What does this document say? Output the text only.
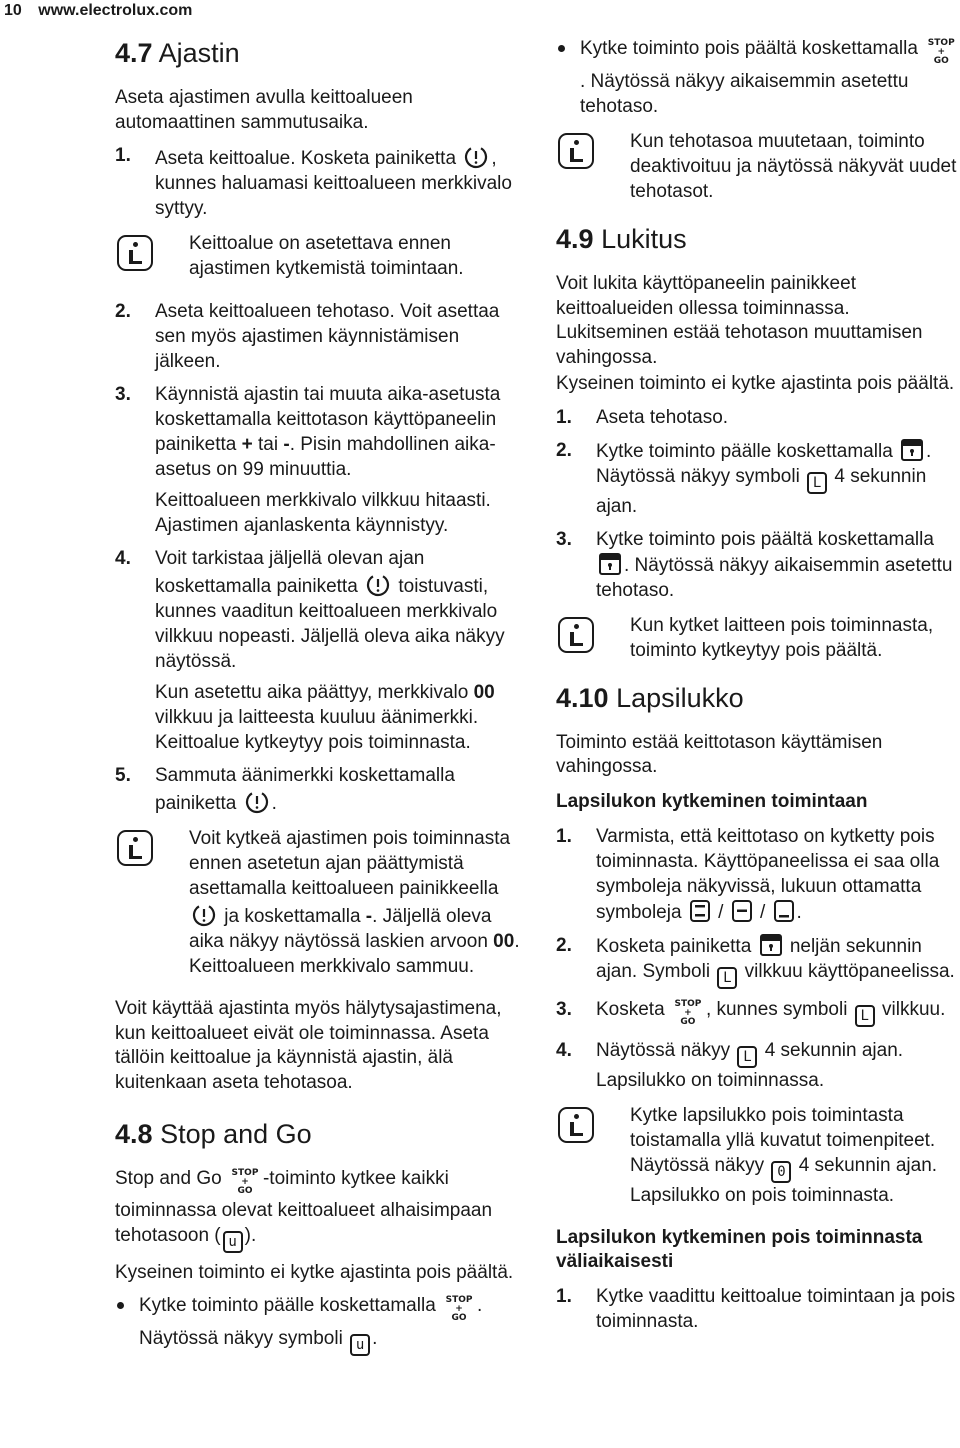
10 www.electrolux.com
4.7 Ajastin

Aseta ajastimen avulla keittoalueen automaattinen sammutusaika.

1. Aseta keittoalue. Kosketa painiketta , kunnes haluamasi keittoalueen merkkivalo syttyy.
Keittoalue on asetettava ennen ajastimen kytkemistä toimintaan.
2. Aseta keittoalueen tehotaso. Voit asettaa sen myös ajastimen käynnistämisen jälkeen.
3. Käynnistä ajastin tai muuta aika-asetusta koskettamalla keittotason käyttöpaneelin painiketta + tai -. Pisin mahdollinen aika-asetus on 99 minuuttia.
Keittoalueen merkkivalo vilkkuu hitaasti. Ajastimen ajanlaskenta käynnistyy.
4. Voit tarkistaa jäljellä olevan ajan koskettamalla painiketta toistuvasti, kunnes vaaditun keittoalueen merkkivalo vilkkuu nopeasti. Jäljellä oleva aika näkyy näytössä.
Kun asetettu aika päättyy, merkkivalo 00 vilkkuu ja laitteesta kuuluu äänimerkki. Keittoalue kytkeytyy pois toiminnasta.
5. Sammuta äänimerkki koskettamalla painiketta .
Voit kytkeä ajastimen pois toiminnasta ennen asetetun ajan päättymistä asettamalla keittoalueen painikkeella  ja koskettamalla -. Jäljellä oleva aika näkyy näytössä laskien arvoon 00. Keittoalueen merkkivalo sammuu.

Voit käyttää ajastinta myös hälytysajastimena, kun keittoalueet eivät ole toiminnassa. Aseta tällöin keittoalue ja käynnistä ajastin, älä kuitenkaan aseta tehotasoa.

4.8 Stop and Go

Stop and Go STOP
+
GO
-toiminto kytkee kaikki toiminnassa olevat keittoalueet alhaisimpaan tehotasoon ( u ).

Kyseinen toiminto ei kytke ajastinta pois päältä.

Kytke toiminto päälle koskettamalla STOP
+
GO
. Näytössä näkyy symboli u .
Kytke toiminto pois päältä koskettamalla STOP
+
GO
. Näytössä näkyy aikaisemmin asetettu tehotaso.
Kun tehotasoa muutetaan, toiminto deaktivoituu ja näytössä näkyvät uudet tehotasot.
4.9 Lukitus

Voit lukita käyttöpaneelin painikkeet keittoalueiden ollessa toiminnassa. Lukitseminen estää tehotason muuttamisen vahingossa.

Kyseinen toiminto ei kytke ajastinta pois päältä.

1. Aseta tehotaso.
2. Kytke toiminto päälle koskettamalla . Näytössä näkyy symboli L 4 sekunnin ajan.
3. Kytke toiminto pois päältä koskettamalla . Näytössä näkyy aikaisemmin asetettu tehotaso.
Kun kytket laitteen pois toiminnasta, toiminto kytkeytyy pois päältä.
4.10 Lapsilukko

Toiminto estää keittotason käyttämisen vahingossa.

Lapsilukon kytkeminen toimintaan
1. Varmista, että keittotaso on kytketty pois toiminnasta. Käyttöpaneelissa ei saa olla symboleja näkyvissä, lukuun ottamatta symboleja / / .
2. Kosketa painiketta neljän sekunnin ajan. Symboli L vilkkuu käyttöpaneelissa.
3. Kosketa STOP
+
GO
, kunnes symboli L vilkkuu.
4. Näytössä näkyy L 4 sekunnin ajan. Lapsilukko on toiminnassa.
Kytke lapsilukko pois toimintasta toistamalla yllä kuvatut toimenpiteet. Näytössä näkyy 0 4 sekunnin ajan. Lapsilukko on pois toiminnasta.
Lapsilukon kytkeminen pois toiminnasta väliaikaisesti
1. Kytke vaadittu keittoalue toimintaan ja pois toiminnasta.
